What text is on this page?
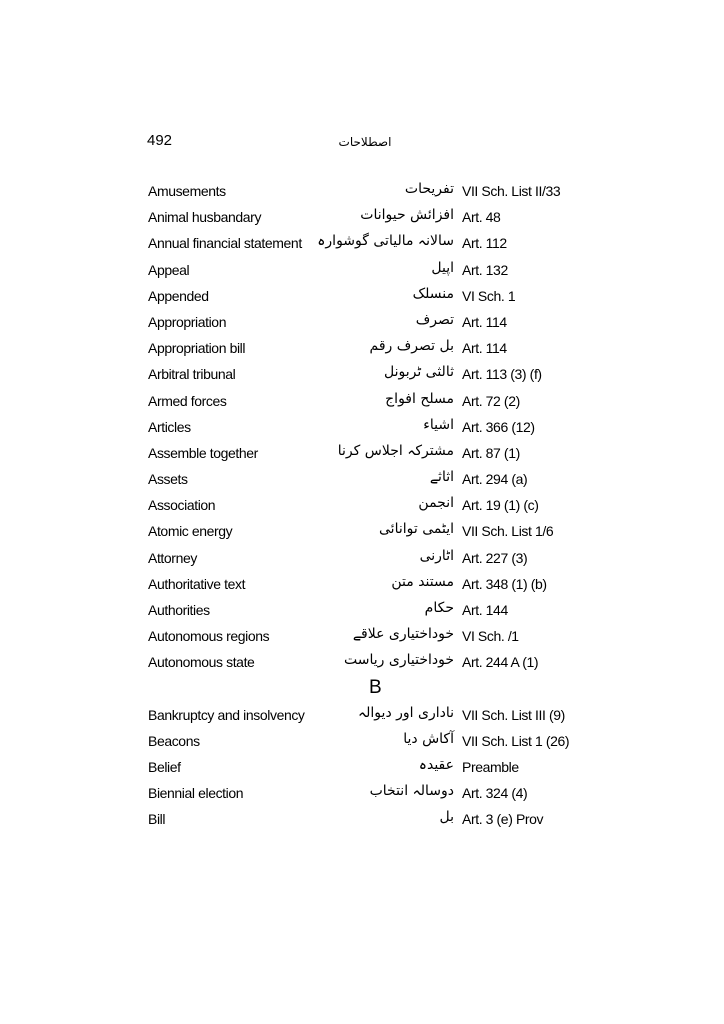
492	اصطلاحات
Amusements	تفریحات VII Sch. List II/33
Animal husbandary	افزائش حیوانات Art. 48
Annual financial statement سالانہ مالیاتی گوشوارہ Art. 112
Appeal	اپیل Art. 132
Appended	منسلک VI Sch. 1
Appropriation	تصرف Art. 114
Appropriation bill	بل تصرف رقم Art. 114
Arbitral tribunal	ثالثی ٹربونل Art. 113 (3) (f)
Armed forces	مسلح افواج Art. 72 (2)
Articles	اشیاء Art. 366 (12)
Assemble together	مشترکہ اجلاس کرنا Art. 87 (1)
Assets	اثاثے Art. 294 (a)
Association	انجمن Art. 19 (1) (c)
Atomic energy	ایٹمی توانائی VII Sch. List 1/6
Attorney	اٹارنی Art. 227 (3)
Authoritative text	مستند متن Art. 348 (1) (b)
Authorities	حکام Art. 144
Autonomous regions	خوداختیاری علاقے VI Sch. /1
Autonomous state	خوداختیاری ریاست Art. 244 A (1)
B
Bankruptcy and insolvency	ناداری اور دیوالہ VII Sch. List III (9)
Beacons	آکاش دیا VII Sch. List 1 (26)
Belief	عقیدہ Preamble
Biennial election	دوسالہ انتخاب Art. 324 (4)
Bill	بل Art. 3 (e) Prov
